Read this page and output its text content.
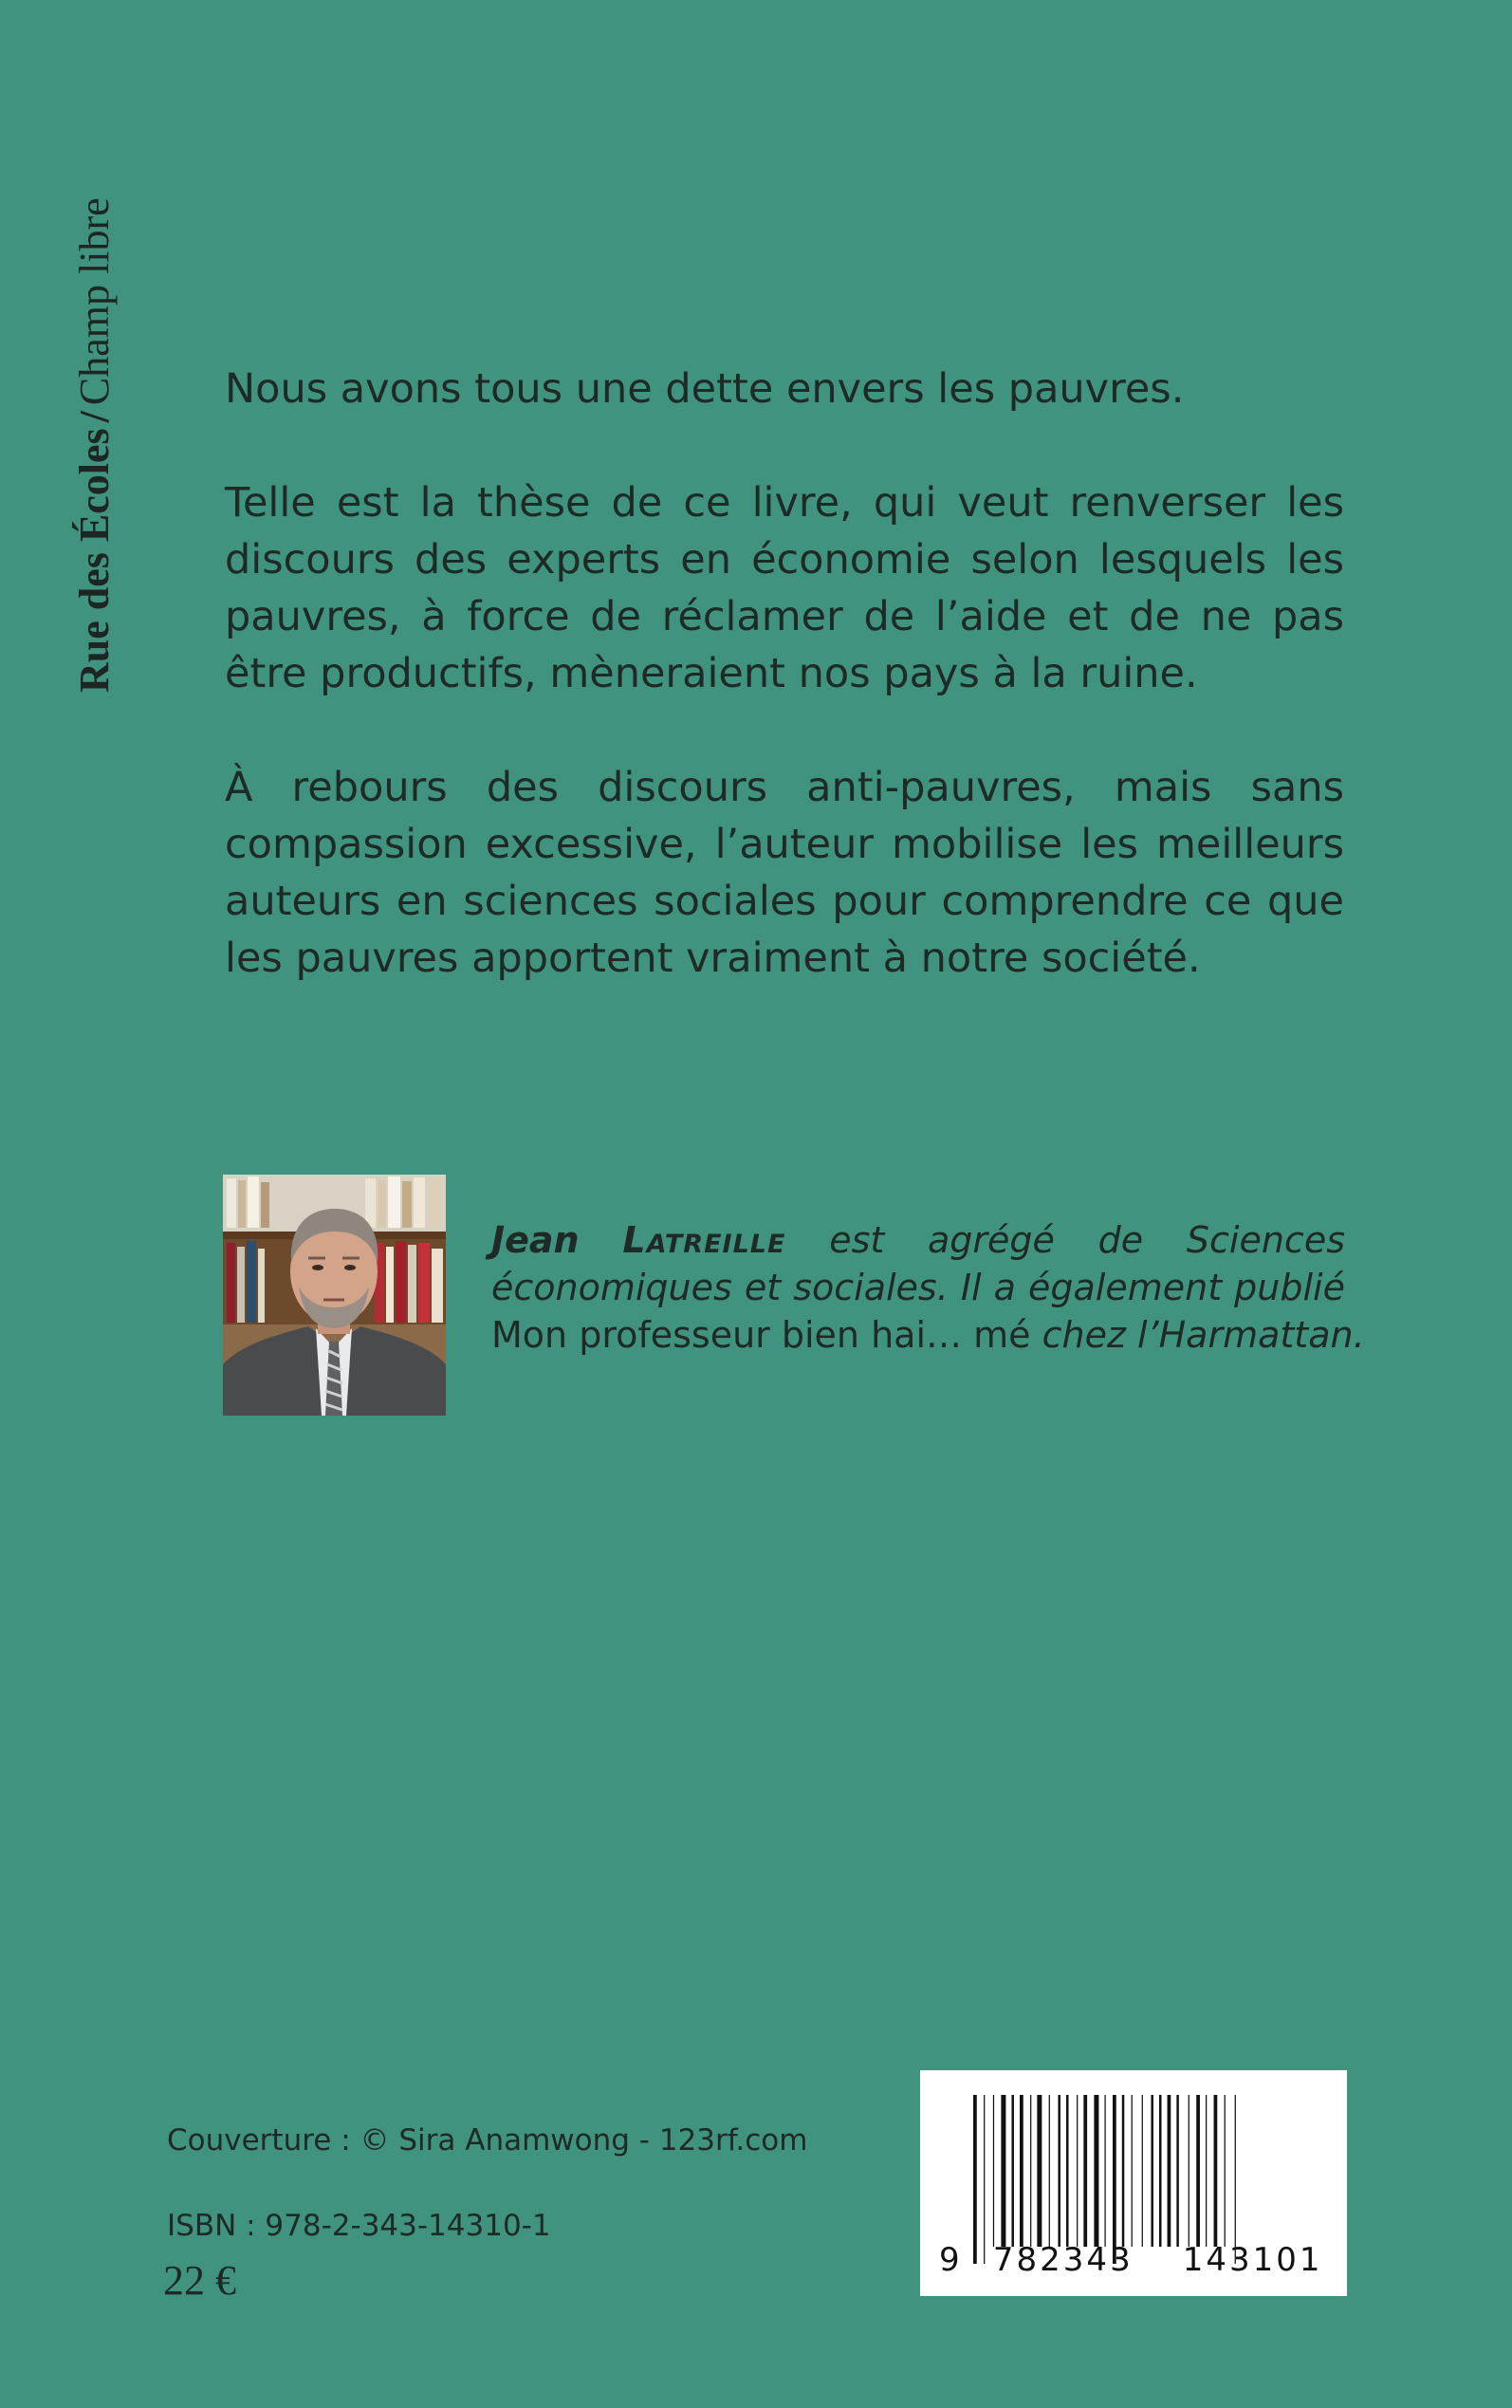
Rue des Écoles/Champ libre	Nous avons tous une dette envers les pauvres.

Telle est la thèse de ce livre, qui veut renverser les discours des experts en économie selon lesquels les pauvres, à force de réclamer de l’aide et de ne pas être productifs, mèneraient nos pays à la ruine.

À rebours des discours anti-pauvres, mais sans compassion excessive, l’auteur mobilise les meilleurs auteurs en sciences sociales pour comprendre ce que les pauvres apportent vraiment à notre société.

Jean Latreille est agrégé de Sciences
économiques et sociales. Il a également publié
Mon professeur bien hai… mé chez l’Harmattan.
Couverture : © Sira Anamwong - 123rf.com
ISBN : 978-2-343-14310-1
22 €	9 782343 143101
